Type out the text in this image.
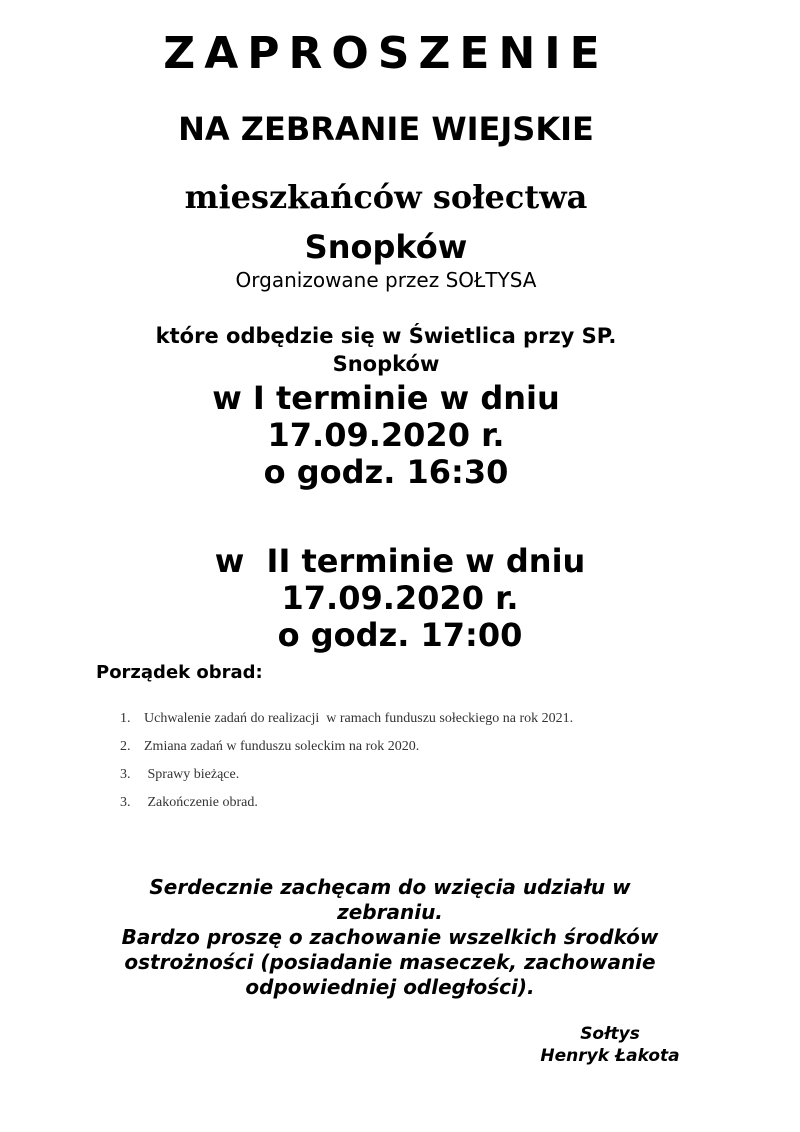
ZAPROSZENIE
NA ZEBRANIE WIEJSKIE
mieszkańców sołectwa
Snopków
Organizowane przez SOŁTYSA
które odbędzie się w Świetlica przy SP.
Snopków
w I terminie w dniu
17.09.2020 r.
o godz. 16:30
w  II terminie w dniu
17.09.2020 r.
o godz. 17:00
Porządek obrad:
1. Uchwalenie zadań do realizacji  w ramach funduszu sołeckiego na rok 2021.
2. Zmiana zadań w funduszu soleckim na rok 2020.
3. Sprawy bieżące.
3. Zakończenie obrad.
Serdecznie zachęcam do wzięcia udziału w
zebraniu.
Bardzo proszę o zachowanie wszelkich środków
ostrożności (posiadanie maseczek, zachowanie
odpowiedniej odległości).
Sołtys
Henryk Łakota
